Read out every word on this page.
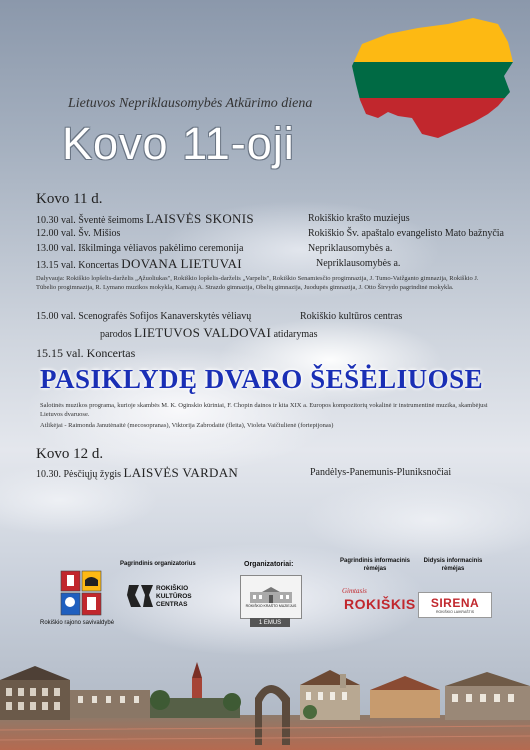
Lietuvos Nepriklausomybės Atkūrimo diena
Kovo 11-oji
Kovo 11 d.
10.30 val. Šventė šeimoms LAISVĖS SKONIS	Rokiškio krašto muziejus
12.00 val. Šv. Mišios	Rokiškio Šv. apaštalo evangelisto Mato bažnyčia
13.00 val. Iškilminga vėliavos pakėlimo ceremonija	Nepriklausomybės a.
13.15 val. Koncertas DOVANA LIETUVAI	Nepriklausomybės a.
Dalyvauja: Rokiškio lopšelis-darželis „Ąžuoliukas", Rokiškio lopšelis-darželis „Varpelis", Rokiškio Senamiesčio progimnazija, J. Tumo-Vaižganto gimnazija, Rokiškio J. Tūbelio progimnazija, R. Lymano muzikos mokykla, Kamajų A. Strazdo gimnazija, Obelių gimnazija, Juodupės gimnazija, J. Otto Širvydo pagrindinė mokykla.
15.00 val. Scenografės Sofijos Kanaverskytės vėliavų	Rokiškio kultūros centras
parodos LIETUVOS VALDOVAI atidarymas
15.15 val. Koncertas
PASIKLYDĘ DVARO ŠEŠĖLIUOSE
Salotinės muzikos programa, kurioje skambės M. K. Oginskio kūriniai, F. Chopin dainos ir kita XIX a. Europos kompozitorių vokalinė ir instrumentinė muzika, skambėjusi Lietuvos dvaruose.
Atlikėjai - Raimonda Janutėnaitė (mecosopranas), Viktorija Zabrodaitė (fleita), Violeta Vaičiulienė (fortepijonas)
Kovo 12 d.
10.30. Pėsčiųjų žygis LAISVĖS VARDAN	Pandėlys-Panemunis-Pluniksnočiai
Pagrindinis organizatorius	Organizatoriai:	Pagrindinis informacinis rėmėjas
Didysis informacinis rėmėjas
Rokiškio rajono savivaldybė
ROKIŠKIO KULTŪROS CENTRAS	ROKIŠKIO KRAŠTO MUZIEJUS
1 EMUS
Gimtasis
ROKIŠKIS SIRENA
ROKIŠKIO LAIKRAŠTIS
